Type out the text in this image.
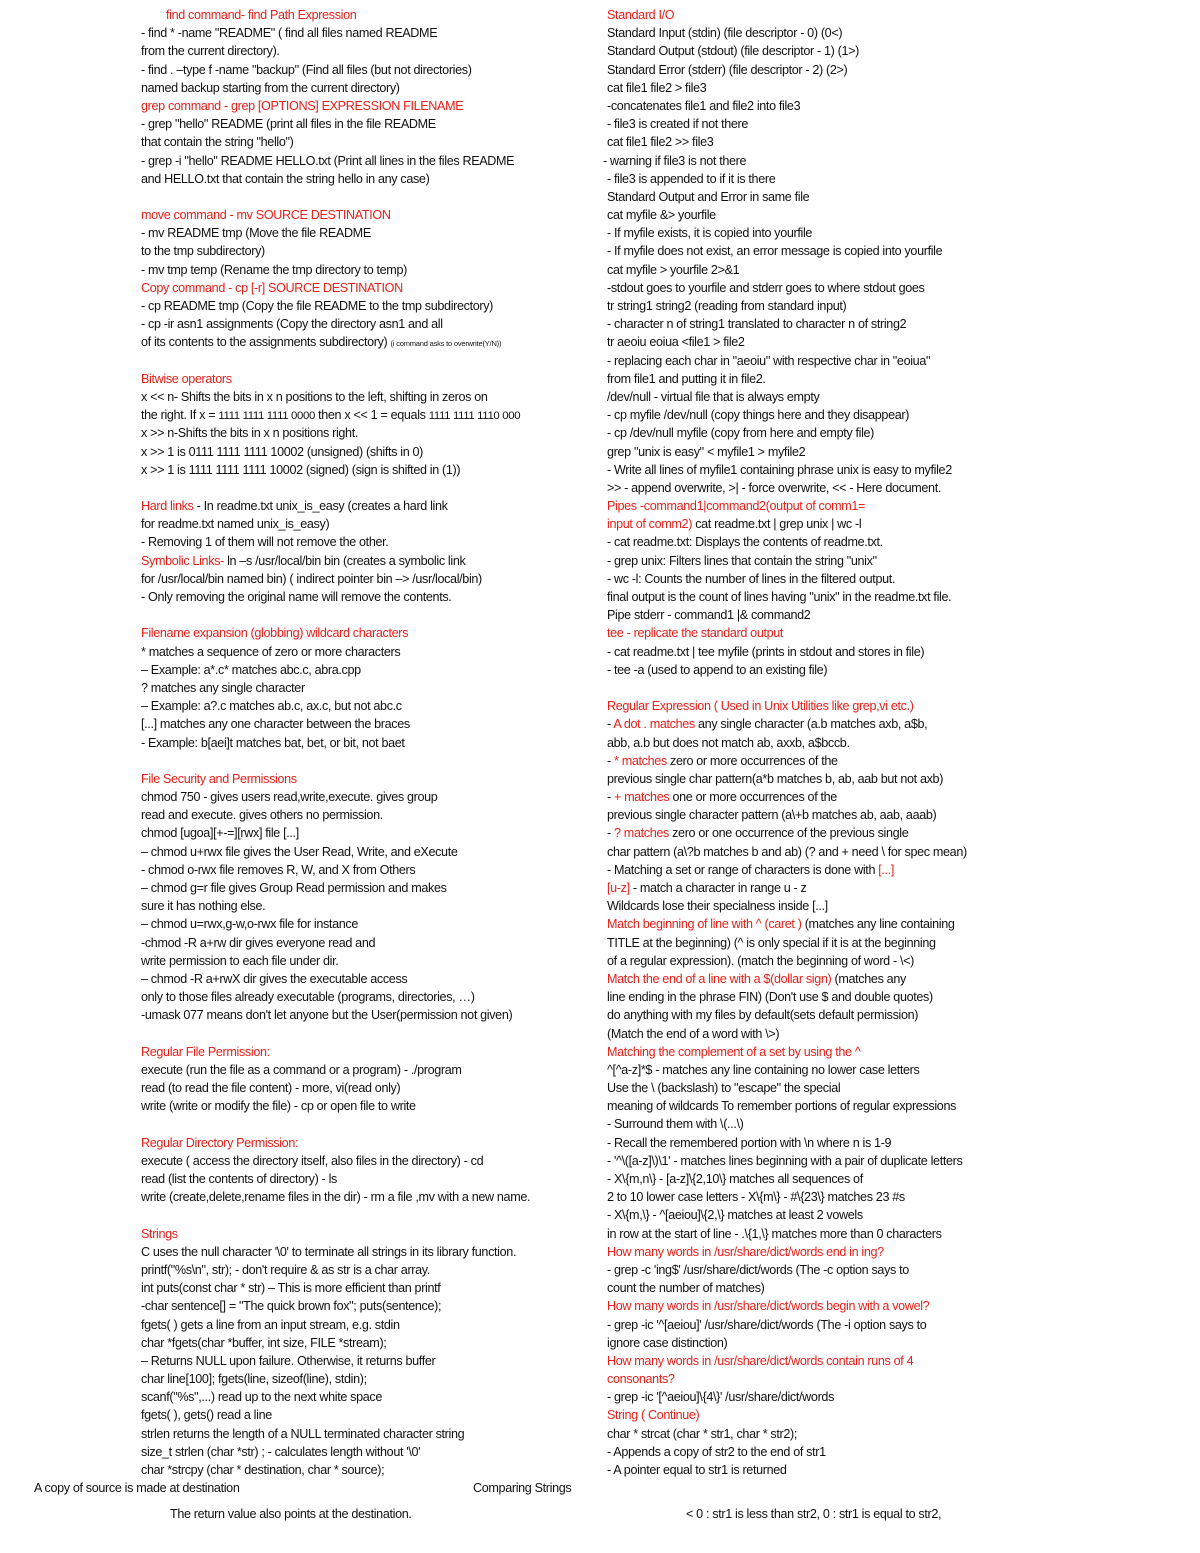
find command- find Path Expression
- find * -name "README" ( find all files named README
from the current directory).
- find . –type f -name "backup" (Find all files (but not directories)
named backup starting from the current directory)
grep command - grep [OPTIONS] EXPRESSION FILENAME
- grep "hello" README (print all files in the file README
that contain the string "hello")
- grep -i "hello" README HELLO.txt (Print all lines in the files README
and HELLO.txt that contain the string hello in any case)

move command - mv SOURCE DESTINATION
- mv README tmp (Move the file README
to the tmp subdirectory)
- mv tmp temp (Rename the tmp directory to temp)
Copy command - cp [-r] SOURCE DESTINATION
- cp README tmp (Copy the file README to the tmp subdirectory)
- cp -ir asn1 assignments (Copy the directory asn1 and all
of its contents to the assignments subdirectory) (i command asks to overwrite(Y/N))

Bitwise operators
x << n- Shifts the bits in x n positions to the left, shifting in zeros on
the right. If x = 1111 1111 1111 0000 then x << 1 = equals 1111 1111 1110 000
x >> n-Shifts the bits in x n positions right.
x >> 1 is 0111 1111 1111 10002 (unsigned) (shifts in 0)
x >> 1 is 1111 1111 1111 10002 (signed) (sign is shifted in (1))

Hard links - In readme.txt unix_is_easy (creates a hard link
for readme.txt named unix_is_easy)
- Removing 1 of them will not remove the other.
Symbolic Links- ln –s /usr/local/bin bin (creates a symbolic link
for /usr/local/bin named bin) ( indirect pointer bin –> /usr/local/bin)
- Only removing the original name will remove the contents.

Filename expansion (globbing) wildcard characters
* matches a sequence of zero or more characters
– Example: a*.c* matches abc.c, abra.cpp
? matches any single character
– Example: a?.c matches ab.c, ax.c, but not abc.c
[...] matches any one character between the braces
- Example: b[aei]t matches bat, bet, or bit, not baet

File Security and Permissions
chmod 750 - gives users read,write,execute. gives group
read and execute. gives others no permission.
chmod [ugoa][+-=][rwx] file [...]
– chmod u+rwx file gives the User Read, Write, and eXecute
- chmod o-rwx file removes R, W, and X from Others
– chmod g=r file gives Group Read permission and makes
sure it has nothing else.
– chmod u=rwx,g-w,o-rwx file for instance
-chmod -R a+rw dir gives everyone read and
write permission to each file under dir.
– chmod -R a+rwX dir gives the executable access
only to those files already executable (programs, directories, …)
-umask 077 means don't let anyone but the User(permission not given)

Regular File Permission:
execute (run the file as a command or a program) - ./program
read (to read the file content) - more, vi(read only)
write (write or modify the file) - cp or open file to write

Regular Directory Permission:
execute ( access the directory itself, also files in the directory) - cd
read (list the contents of directory) - ls
write (create,delete,rename files in the dir) - rm a file ,mv with a new name.

Strings
C uses the null character '\0' to terminate all strings in its library function.
printf("%s\n", str); - don't require & as str is a char array.
int puts(const char * str) – This is more efficient than printf
-char sentence[] = "The quick brown fox"; puts(sentence);
fgets( ) gets a line from an input stream, e.g. stdin
char *fgets(char *buffer, int size, FILE *stream);
– Returns NULL upon failure. Otherwise, it returns buffer
char line[100]; fgets(line, sizeof(line), stdin);
scanf("%s",...) read up to the next white space
fgets( ), gets() read a line
strlen returns the length of a NULL terminated character string
size_t strlen (char *str) ; - calculates length without '\0'
char *strcpy (char * destination, char * source);
Standard I/O
Standard Input (stdin) (file descriptor - 0) (0<)
Standard Output (stdout) (file descriptor - 1) (1>)
Standard Error (stderr) (file descriptor - 2) (2>)
cat file1 file2 > file3
-concatenates file1 and file2 into file3
- file3 is created if not there
cat file1 file2 >> file3
- warning if file3 is not there
- file3 is appended to if it is there
Standard Output and Error in same file
cat myfile &> yourfile
- If myfile exists, it is copied into yourfile
- If myfile does not exist, an error message is copied into yourfile
cat myfile > yourfile 2>&1
-stdout goes to yourfile and stderr goes to where stdout goes
tr string1 string2 (reading from standard input)
- character n of string1 translated to character n of string2
tr aeoiu eoiua <file1 > file2
- replacing each char in "aeoiu" with respective char in "eoiua"
from file1 and putting it in file2.
/dev/null - virtual file that is always empty
- cp myfile /dev/null (copy things here and they disappear)
- cp /dev/null myfile (copy from here and empty file)
grep "unix is easy" < myfile1 > myfile2
- Write all lines of myfile1 containing phrase unix is easy to myfile2
>> - append overwrite, >| - force overwrite, << - Here document.
Pipes -command1|command2(output of comm1=
input of comm2) cat readme.txt | grep unix | wc -l
- cat readme.txt: Displays the contents of readme.txt.
- grep unix: Filters lines that contain the string "unix"
- wc -l: Counts the number of lines in the filtered output.
final output is the count of lines having "unix" in the readme.txt file.
Pipe stderr - command1 |& command2
tee - replicate the standard output
- cat readme.txt | tee myfile (prints in stdout and stores in file)
- tee -a (used to append to an existing file)

Regular Expression ( Used in Unix Utilities like grep,vi etc.)
- A dot . matches any single character (a.b matches axb, a$b,
abb, a.b but does not match ab, axxb, a$bccb.
- * matches zero or more occurrences of the
previous single char pattern(a*b matches b, ab, aab but not axb)
- + matches one or more occurrences of the
previous single character pattern (a\+b matches ab, aab, aaab)
- ? matches zero or one occurrence of the previous single
char pattern (a\?b matches b and ab) (? and + need \ for spec mean)
- Matching a set or range of characters is done with [...]
[u-z] - match a character in range u - z
Wildcards lose their specialness inside [...]
Match beginning of line with ^ (caret ) (matches any line containing
TITLE at the beginning) (^ is only special if it is at the beginning
of a regular expression). (match the beginning of word - \<)
Match the end of a line with a $(dollar sign) (matches any
line ending in the phrase FIN) (Don't use $ and double quotes)
do anything with my files by default(sets default permission)
(Match the end of a word with \>)
Matching the complement of a set by using the ^
^[^a-z]*$ - matches any line containing no lower case letters
Use the \ (backslash) to "escape" the special
meaning of wildcards To remember portions of regular expressions
- Surround them with \(...\)
- Recall the remembered portion with \n where n is 1-9
- '^\([a-z]\)\1' - matches lines beginning with a pair of duplicate letters
- X\{m,n\} - [a-z]\{2,10\} matches all sequences of
2 to 10 lower case letters - X\{m\} - #\{23\} matches 23 #s
- X\{m,\} - ^[aeiou]\{2,\} matches at least 2 vowels
in row at the start of line - .\{1,\} matches more than 0 characters
How many words in /usr/share/dict/words end in ing?
- grep -c 'ing$' /usr/share/dict/words (The -c option says to
count the number of matches)
How many words in /usr/share/dict/words begin with a vowel?
- grep -ic '^[aeiou]' /usr/share/dict/words (The -i option says to
ignore case distinction)
How many words in /usr/share/dict/words contain runs of 4
consonants?
- grep -ic '[^aeiou]\{4\}' /usr/share/dict/words
String ( Continue)
char * strcat (char * str1, char * str2);
- Appends a copy of str2 to the end of str1
- A pointer equal to str1 is returned
A copy of source is made at destination	Comparing Strings
The return value also points at the destination.	< 0 : str1 is less than str2, 0 : str1 is equal to str2,
